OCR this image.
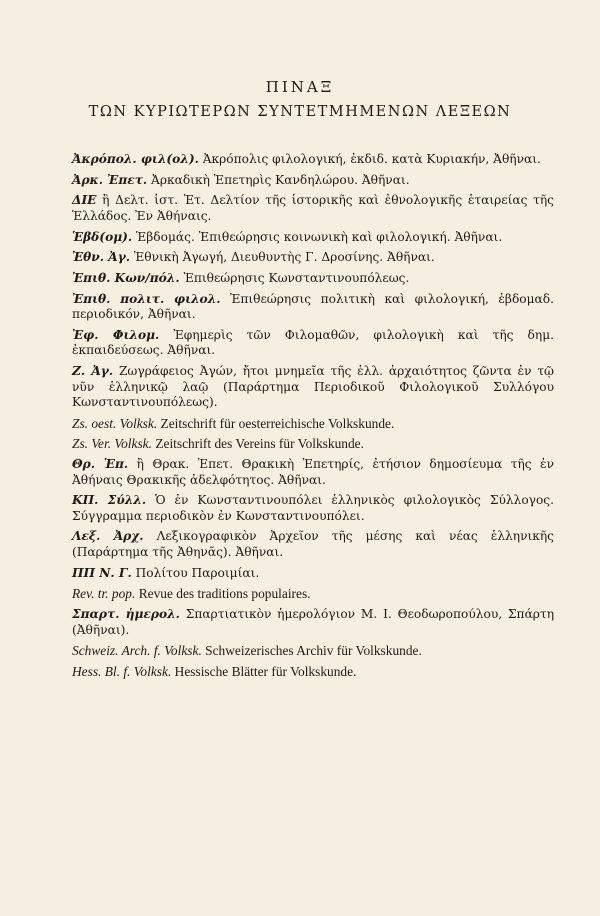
ΠΙΝΑΞ
ΤΩΝ ΚΥΡΙΩΤΕΡΩΝ ΣΥΝΤΕΤΜΗΜΕΝΩΝ ΛΕΞΕΩΝ
Ἀκρόπολ. φιλ(ολ). Ἀκρόπολις φιλολογική, ἐκδιδ. κατὰ Κυριακήν, Ἀθῆναι.
Ἀρκ. Ἐπετ. Ἀρκαδικὴ Ἐπετηρὶς Κανδηλώρου. Ἀθῆναι.
ΔΙΕ ἢ Δελτ. ἱστ. Ἐτ. Δελτίον τῆς ἱστορικῆς καὶ ἐθνολογικῆς ἑταιρείας τῆς Ἑλλάδος. Ἐν Ἀθήναις.
Ἑβδ(ομ). Ἑβδομάς. Ἐπιθεώρησις κοινωνικὴ καὶ φιλολογική. Ἀθῆναι.
Ἐθν. Ἀγ. Ἐθνικὴ Ἀγωγή, Διευθυντὴς Γ. Δροσίνης. Ἀθῆναι.
Ἐπιθ. Κων/πόλ. Ἐπιθεώρησις Κωνσταντινουπόλεως.
Ἐπιθ. πολιτ. φιλολ. Ἐπιθεώρησις πολιτικὴ καὶ φιλολογική, ἑβδομαδ. περιοδικόν, Ἀθῆναι.
Ἐφ. Φιλομ. Ἐφημερὶς τῶν Φιλομαθῶν, φιλολογικὴ καὶ τῆς δημ. ἐκπαιδεύσεως. Ἀθῆναι.
Ζ. Ἀγ. Ζωγράφειος Ἀγών, ἤτοι μνημεῖα τῆς ἑλλ. ἀρχαιότητος ζῶντα ἐν τῷ νῦν ἑλληνικῷ λαῷ (Παράρτημα Περιοδικοῦ Φιλολογικοῦ Συλλόγου Κωνσταντινουπόλεως).
Zs. oest. Volksk. Zeitschrift für oesterreichische Volkskunde.
Zs. Ver. Volksk. Zeitschrift des Vereins für Volkskunde.
Θρ. Ἐπ. ἢ Θρακ. Ἐπετ. Θρακικὴ Ἐπετηρίς, ἐτήσιον δημοσίευμα τῆς ἐν Ἀθήναις Θρακικῆς ἀδελφότητος. Ἀθῆναι.
ΚΠ. Σύλλ. Ὁ ἐν Κωνσταντινουπόλει ἑλληνικὸς φιλολογικὸς Σύλλογος. Σύγγραμμα περιοδικὸν ἐν Κωνσταντινουπόλει.
Λεξ. Ἀρχ. Λεξικογραφικὸν Ἀρχεῖον τῆς μέσης καὶ νέας ἑλληνικῆς (Παράρτημα τῆς Ἀθηνᾶς). Ἀθῆναι.
ΠΠ Ν. Γ. Πολίτου Παροιμίαι.
Rev. tr. pop. Revue des traditions populaires.
Σπαρτ. ἡμερολ. Σπαρτιατικὸν ἡμερολόγιον Μ. Ι. Θεοδωροπούλου, Σπάρτη (Ἀθῆναι).
Schweiz. Arch. f. Volksk. Schweizerisches Archiv für Volkskunde.
Hess. Bl. f. Volksk. Hessische Blätter für Volkskunde.
